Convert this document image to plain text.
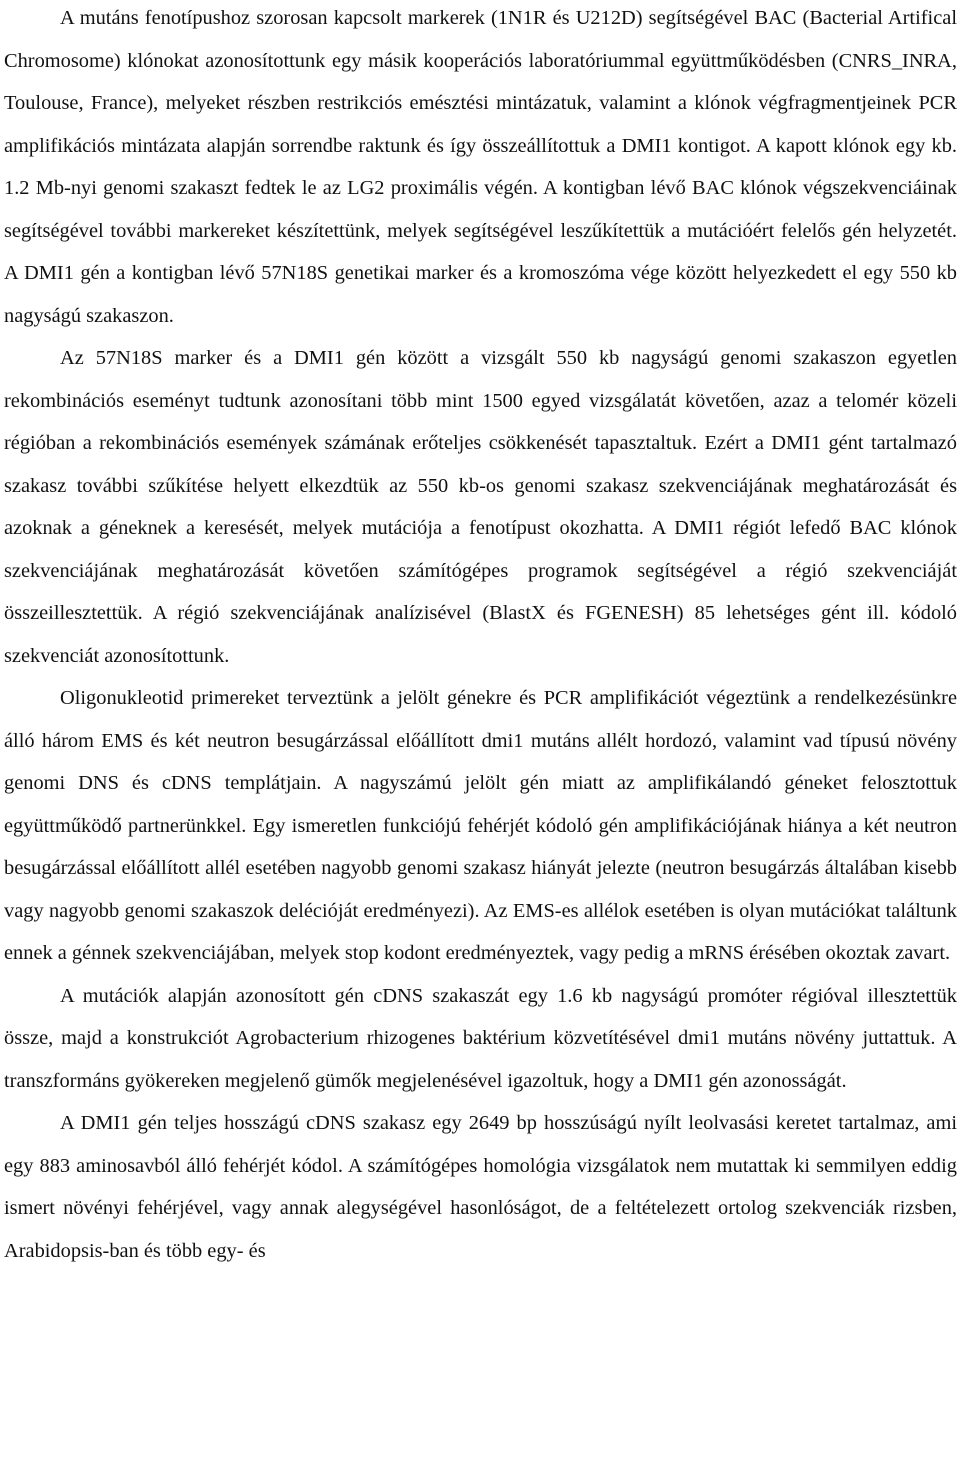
A mutáns fenotípushoz szorosan kapcsolt markerek (1N1R és U212D) segítségével BAC (Bacterial Artifical Chromosome) klónokat azonosítottunk egy másik kooperációs laboratóriummal együttműködésben (CNRS_INRA, Toulouse, France), melyeket részben restrikciós emésztési mintázatuk, valamint a klónok végfragmentjeinek PCR amplifikációs mintázata alapján sorrendbe raktunk és így összeállítottuk a DMI1 kontigot. A kapott klónok egy kb. 1.2 Mb-nyi genomi szakaszt fedtek le az LG2 proximális végén. A kontigban lévő BAC klónok végszekvenciáinak segítségével további markereket készítettünk, melyek segítségével leszűkítettük a mutációért felelős gén helyzetét. A DMI1 gén a kontigban lévő 57N18S genetikai marker és a kromoszóma vége között helyezkedett el egy 550 kb nagyságú szakaszon.

Az 57N18S marker és a DMI1 gén között a vizsgált 550 kb nagyságú genomi szakaszon egyetlen rekombinációs eseményt tudtunk azonosítani több mint 1500 egyed vizsgálatát követően, azaz a telomér közeli régióban a rekombinációs események számának erőteljes csökkenését tapasztaltuk. Ezért a DMI1 gént tartalmazó szakasz további szűkítése helyett elkezdtük az 550 kb-os genomi szakasz szekvenciájának meghatározását és azoknak a géneknek a keresését, melyek mutációja a fenotípust okozhatta. A DMI1 régiót lefedő BAC klónok szekvenciájának meghatározását követően számítógépes programok segítségével a régió szekvenciáját összeillesztettük. A régió szekvenciájának analízisével (BlastX és FGENESH) 85 lehetséges gént ill. kódoló szekvenciát azonosítottunk.

Oligonukleotid primereket terveztünk a jelölt génekre és PCR amplifikációt végeztünk a rendelkezésünkre álló három EMS és két neutron besugárzással előállított dmi1 mutáns allélt hordozó, valamint vad típusú növény genomi DNS és cDNS templátjain. A nagyszámú jelölt gén miatt az amplifikálandó géneket felosztottuk együttműködő partnerünkkel. Egy ismeretlen funkciójú fehérjét kódoló gén amplifikációjának hiánya a két neutron besugárzással előállított allél esetében nagyobb genomi szakasz hiányát jelezte (neutron besugárzás általában kisebb vagy nagyobb genomi szakaszok delécióját eredményezi). Az EMS-es allélok esetében is olyan mutációkat találtunk ennek a génnek szekvenciájában, melyek stop kodont eredményeztek, vagy pedig a mRNS érésében okoztak zavart.

A mutációk alapján azonosított gén cDNS szakaszát egy 1.6 kb nagyságú promóter régióval illesztettük össze, majd a konstrukciót Agrobacterium rhizogenes baktérium közvetítésével dmi1 mutáns növény juttattuk. A transzformáns gyökereken megjelenő gümők megjelenésével igazoltuk, hogy a DMI1 gén azonosságát.

A DMI1 gén teljes hosszágú cDNS szakasz egy 2649 bp hosszúságú nyílt leolvasási keretet tartalmaz, ami egy 883 aminosavból álló fehérjét kódol. A számítógépes homológia vizsgálatok nem mutattak ki semmilyen eddig ismert növényi fehérjével, vagy annak alegységével hasonlóságot, de a feltételezett ortolog szekvenciák rizsben, Arabidopsis-ban és több egy- és
